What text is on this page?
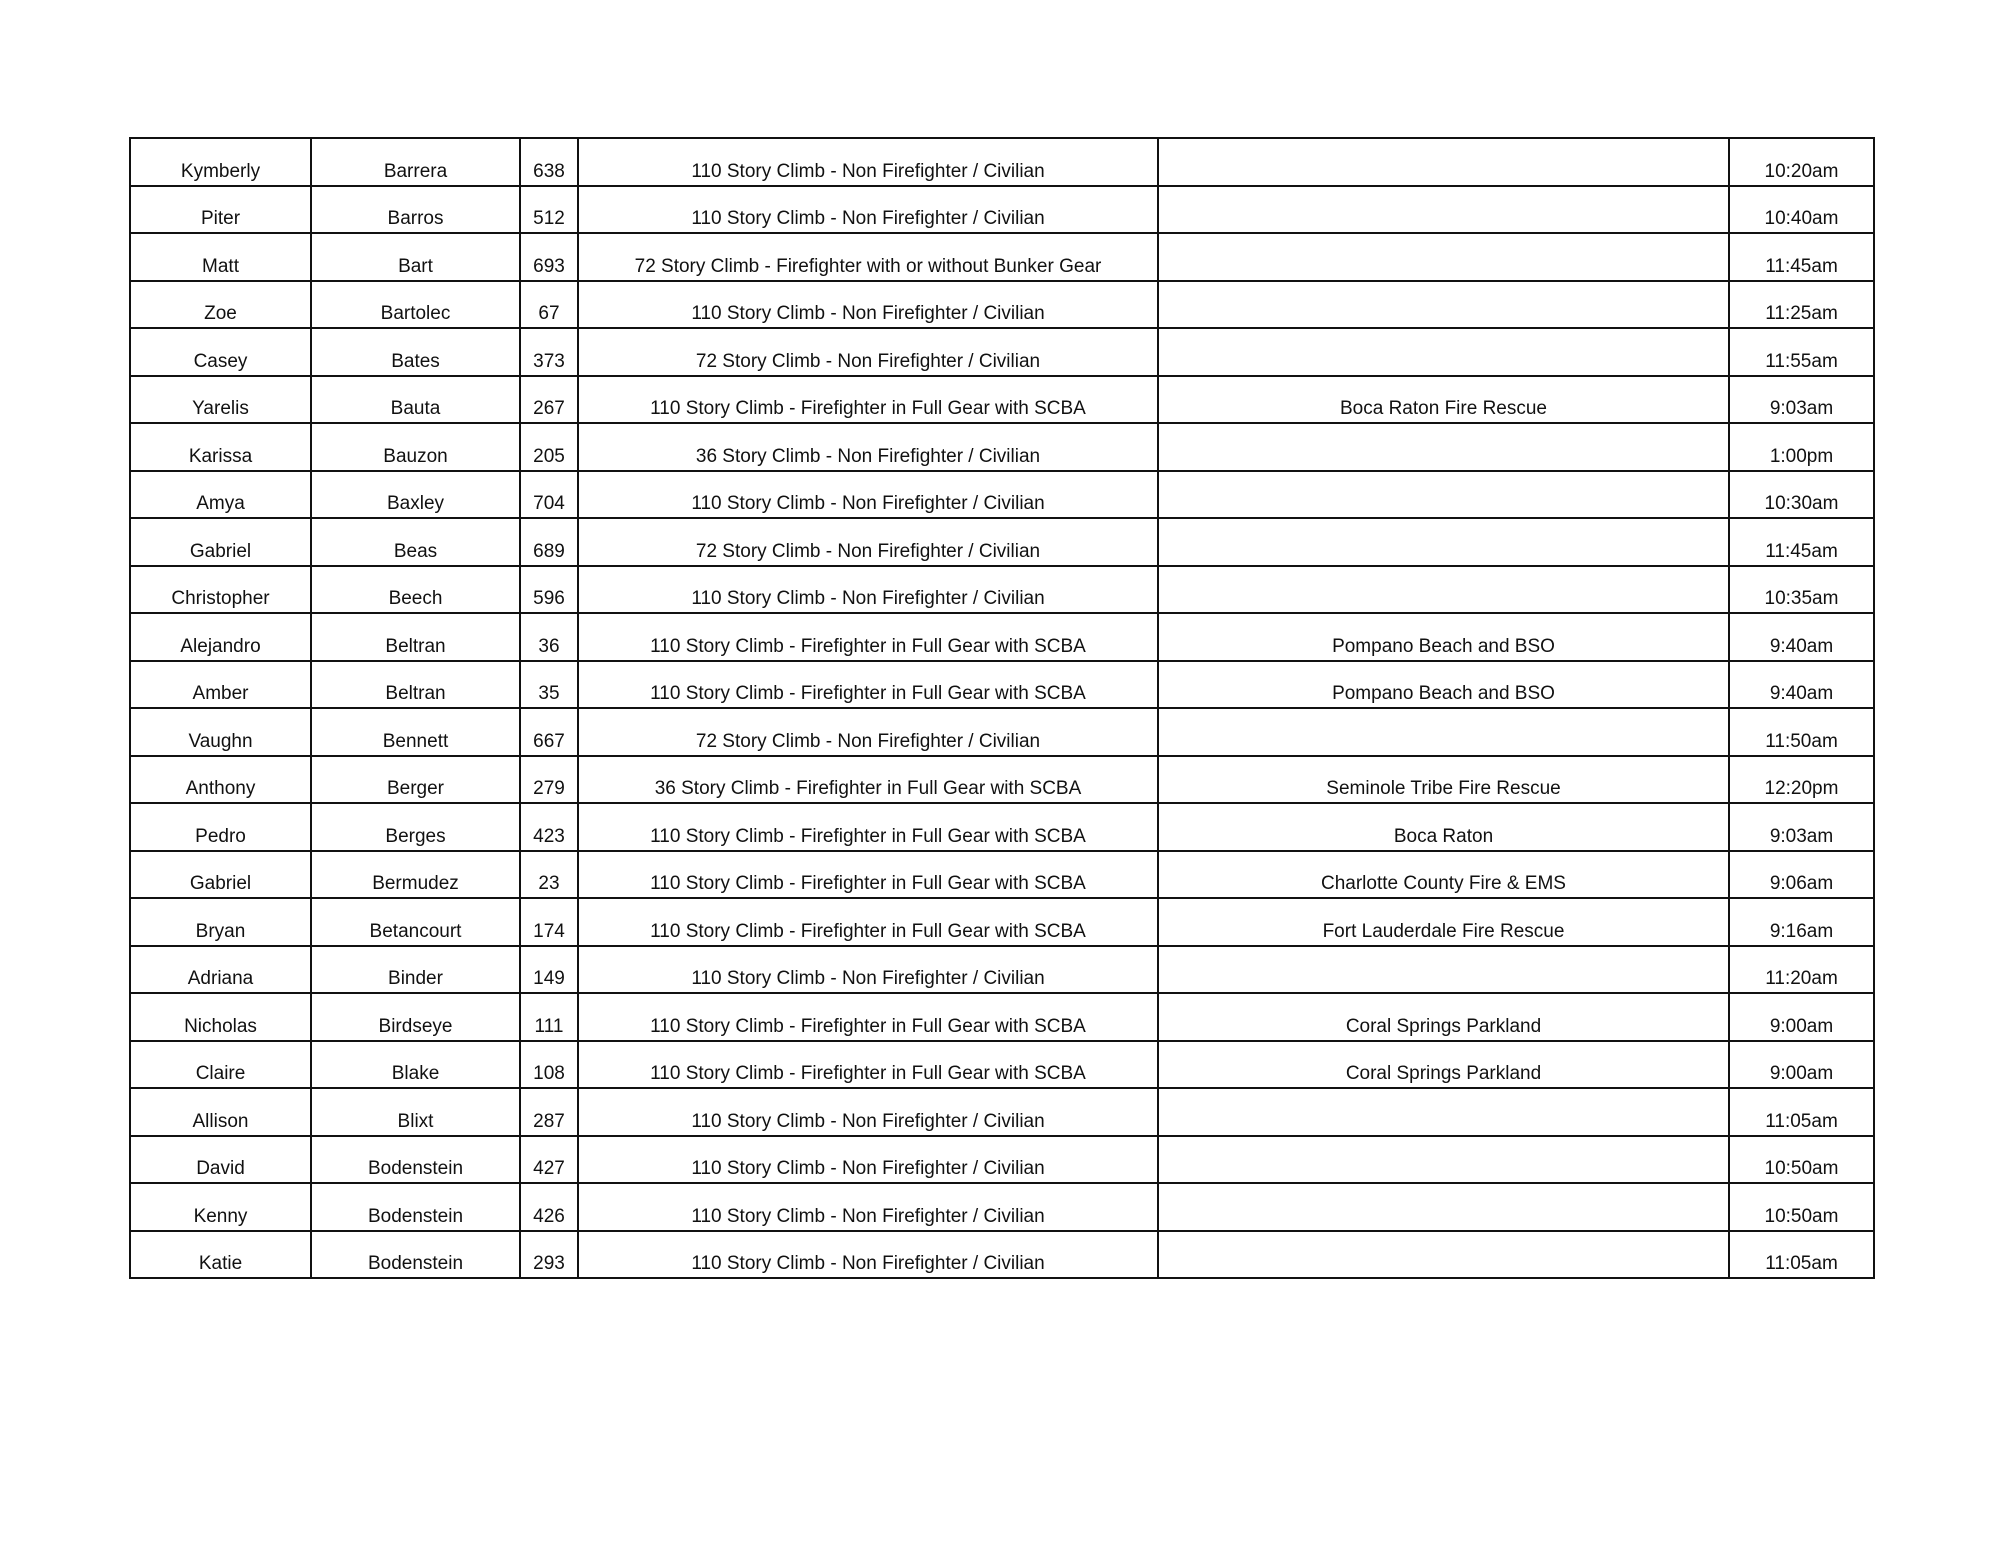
Kymberly	Barrera	638	110 Story Climb - Non Firefighter / Civilian		10:20am
Piter	Barros	512	110 Story Climb - Non Firefighter / Civilian		10:40am
Matt	Bart	693	72 Story Climb - Firefighter with or without Bunker Gear		11:45am
Zoe	Bartolec	67	110 Story Climb - Non Firefighter / Civilian		11:25am
Casey	Bates	373	72 Story Climb - Non Firefighter / Civilian		11:55am
Yarelis	Bauta	267	110 Story Climb - Firefighter in Full Gear with SCBA	Boca Raton Fire Rescue	9:03am
Karissa	Bauzon	205	36 Story Climb - Non Firefighter / Civilian		1:00pm
Amya	Baxley	704	110 Story Climb - Non Firefighter / Civilian		10:30am
Gabriel	Beas	689	72 Story Climb - Non Firefighter / Civilian		11:45am
Christopher	Beech	596	110 Story Climb - Non Firefighter / Civilian		10:35am
Alejandro	Beltran	36	110 Story Climb - Firefighter in Full Gear with SCBA	Pompano Beach and BSO	9:40am
Amber	Beltran	35	110 Story Climb - Firefighter in Full Gear with SCBA	Pompano Beach and BSO	9:40am
Vaughn	Bennett	667	72 Story Climb - Non Firefighter / Civilian		11:50am
Anthony	Berger	279	36 Story Climb - Firefighter in Full Gear with SCBA	Seminole Tribe Fire Rescue	12:20pm
Pedro	Berges	423	110 Story Climb - Firefighter in Full Gear with SCBA	Boca Raton	9:03am
Gabriel	Bermudez	23	110 Story Climb - Firefighter in Full Gear with SCBA	Charlotte County Fire & EMS	9:06am
Bryan	Betancourt	174	110 Story Climb - Firefighter in Full Gear with SCBA	Fort Lauderdale Fire Rescue	9:16am
Adriana	Binder	149	110 Story Climb - Non Firefighter / Civilian		11:20am
Nicholas	Birdseye	111	110 Story Climb - Firefighter in Full Gear with SCBA	Coral Springs Parkland	9:00am
Claire	Blake	108	110 Story Climb - Firefighter in Full Gear with SCBA	Coral Springs Parkland	9:00am
Allison	Blixt	287	110 Story Climb - Non Firefighter / Civilian		11:05am
David	Bodenstein	427	110 Story Climb - Non Firefighter / Civilian		10:50am
Kenny	Bodenstein	426	110 Story Climb - Non Firefighter / Civilian		10:50am
Katie	Bodenstein	293	110 Story Climb - Non Firefighter / Civilian		11:05am
